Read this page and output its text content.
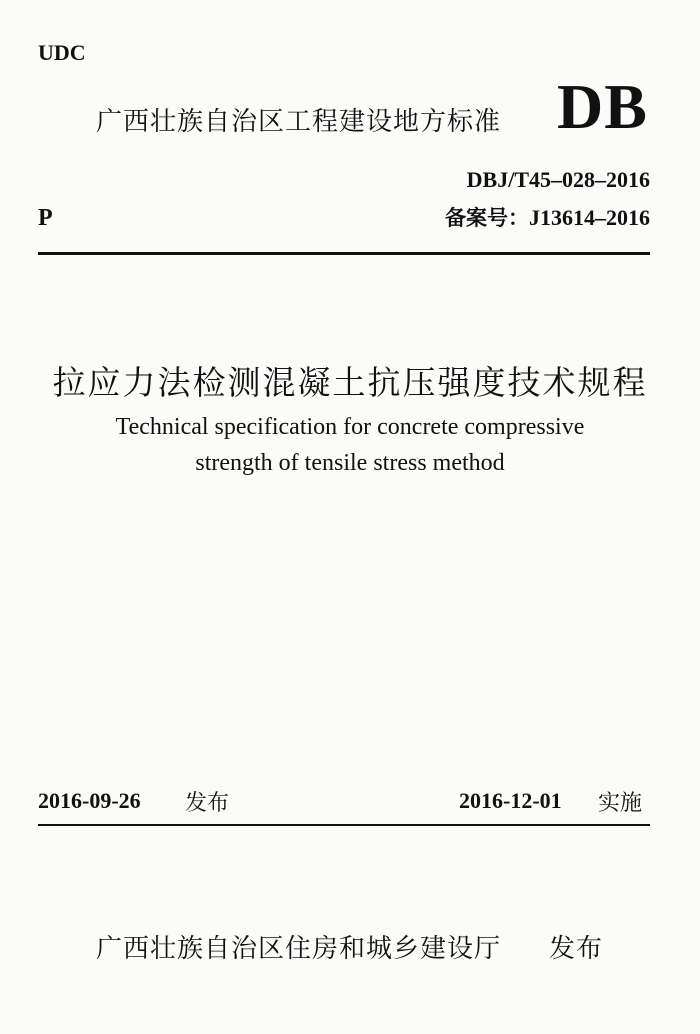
UDC
广西壮族自治区工程建设地方标准 DB
DBJ/T45–028–2016
备案号：J13614–2016
P
拉应力法检测混凝土抗压强度技术规程
Technical specification for concrete compressive
strength of tensile stress method
2016-09-26 发布	2016-12-01 实施
广西壮族自治区住房和城乡建设厅 发布
